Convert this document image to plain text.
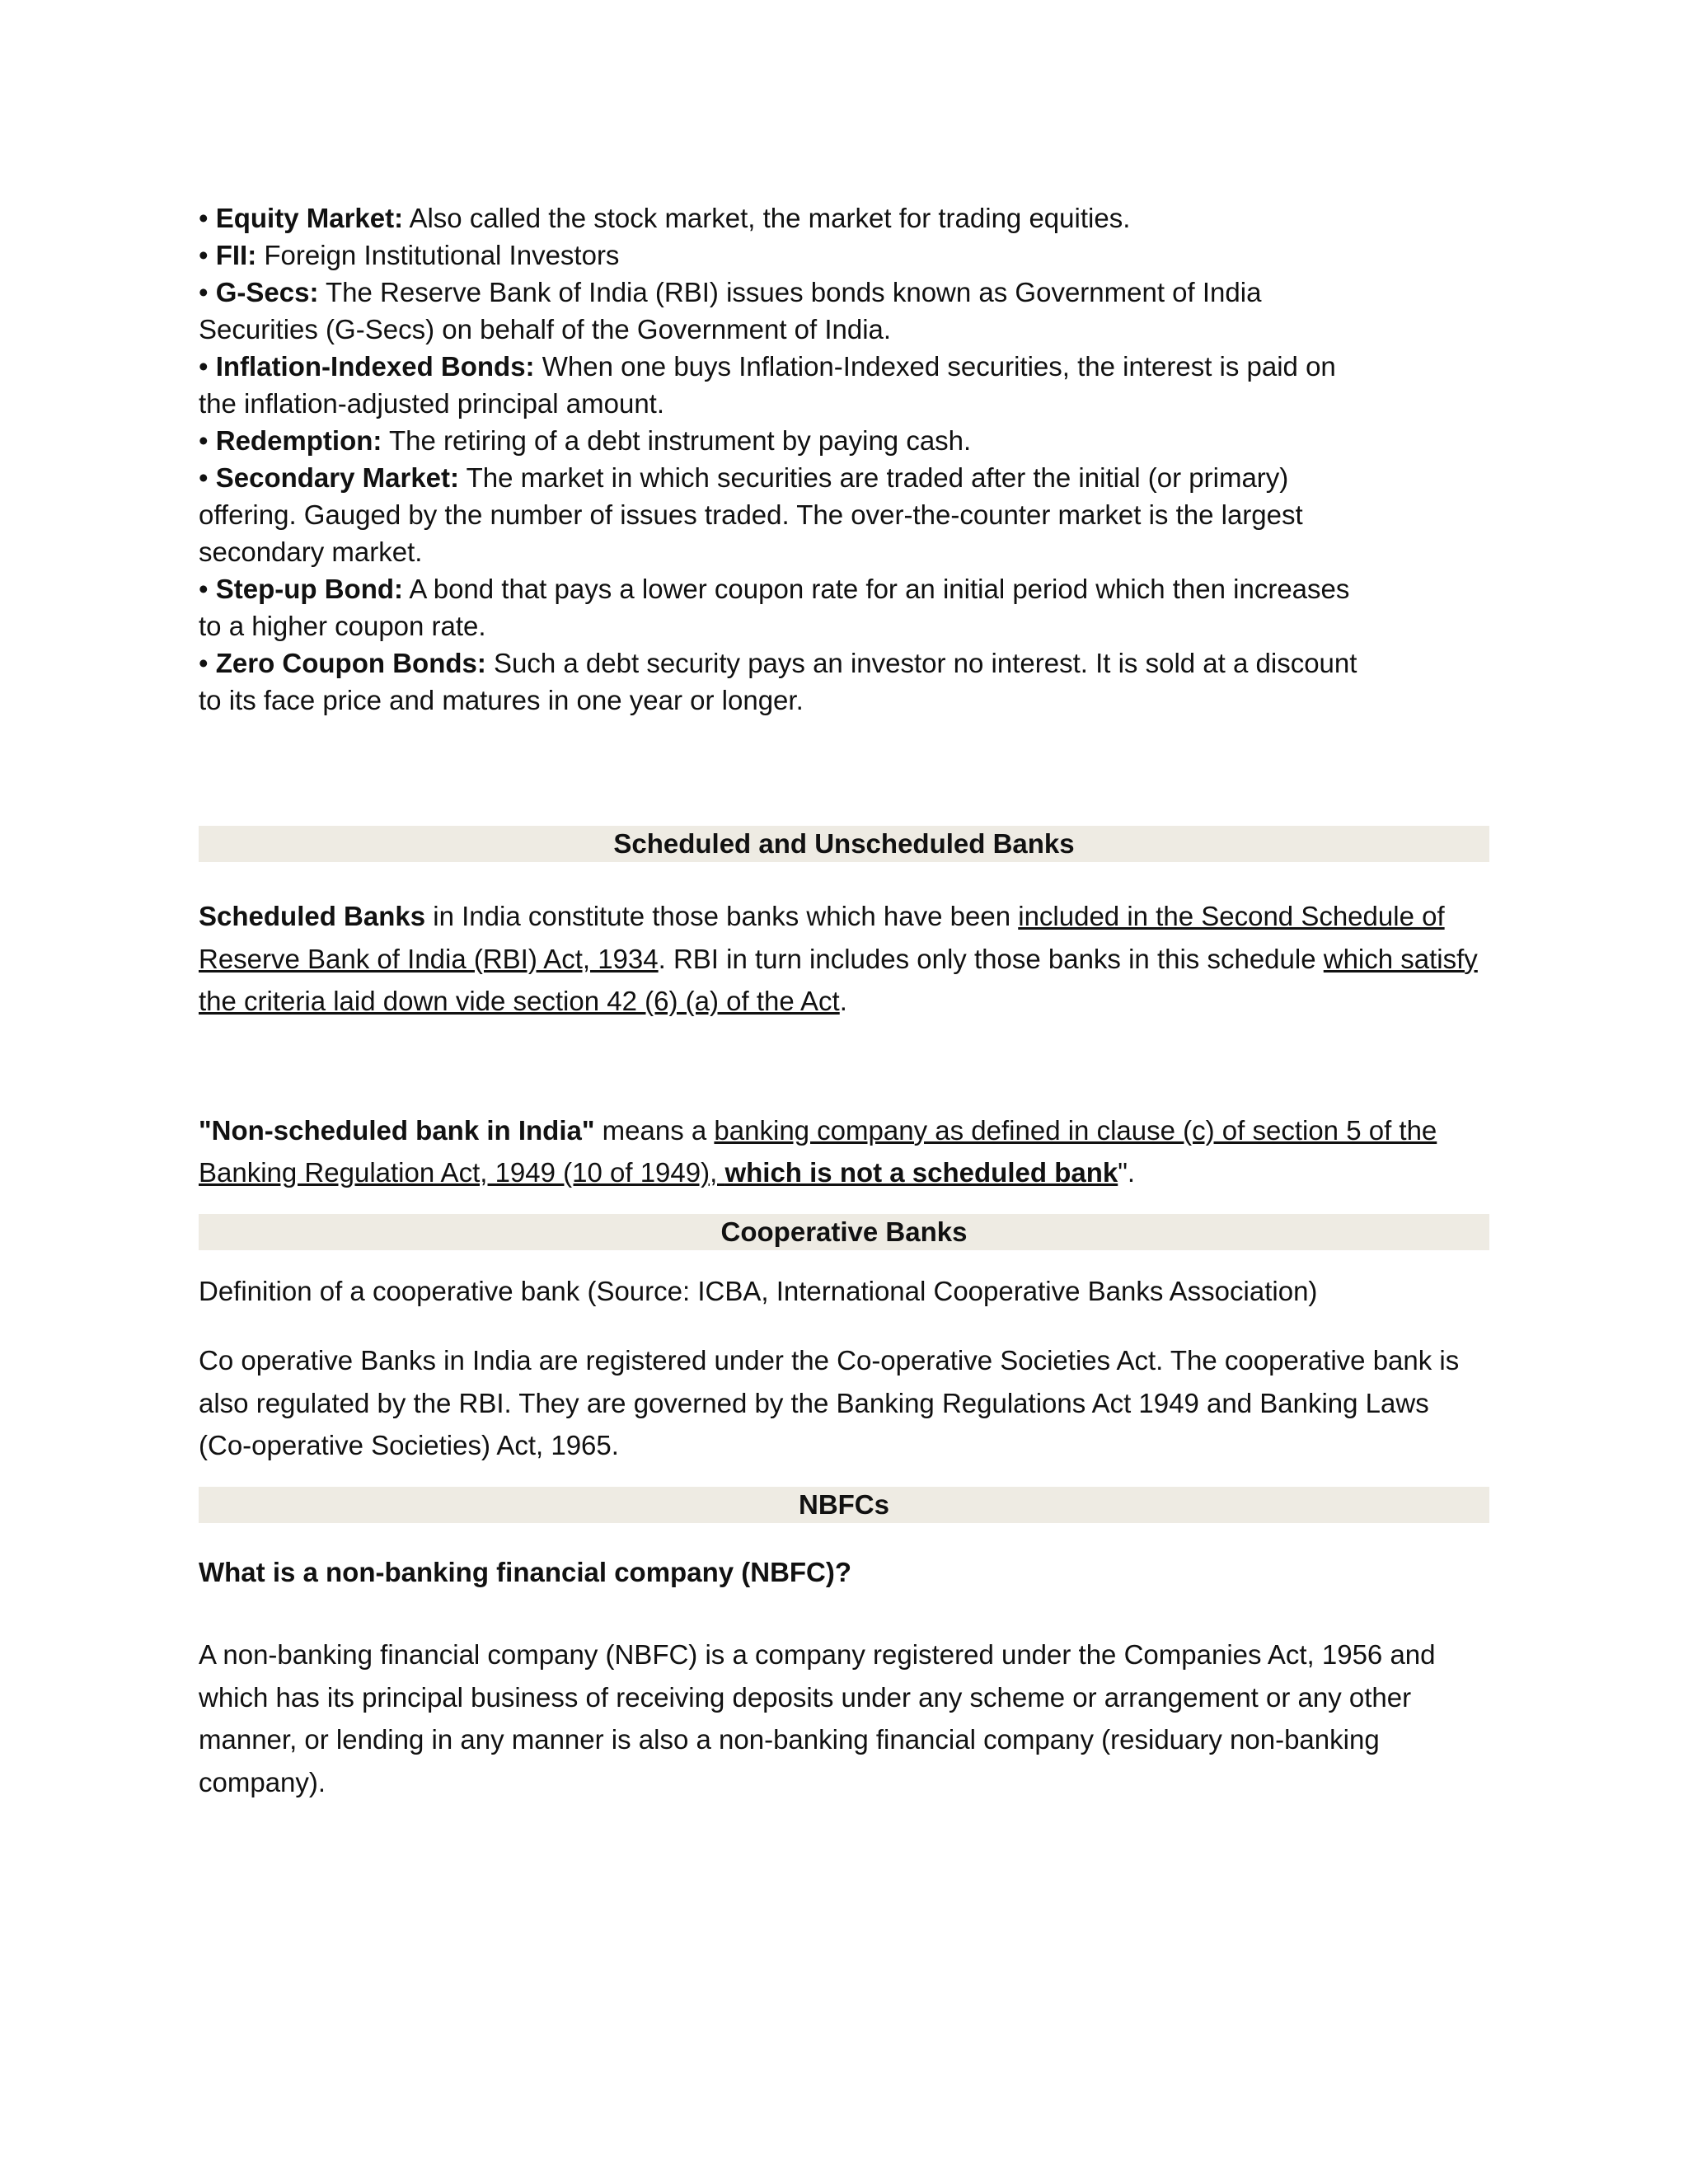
• Equity Market: Also called the stock market, the market for trading equities.

• FII: Foreign Institutional Investors

• G-Secs: The Reserve Bank of India (RBI) issues bonds known as Government of India Securities (G-Secs) on behalf of the Government of India.

• Inflation-Indexed Bonds: When one buys Inflation-Indexed securities, the interest is paid on the inflation-adjusted principal amount.

• Redemption: The retiring of a debt instrument by paying cash.

• Secondary Market: The market in which securities are traded after the initial (or primary) offering. Gauged by the number of issues traded. The over-the-counter market is the largest secondary market.

• Step-up Bond: A bond that pays a lower coupon rate for an initial period which then increases to a higher coupon rate.

• Zero Coupon Bonds: Such a debt security pays an investor no interest. It is sold at a discount to its face price and matures in one year or longer.

Scheduled and Unscheduled Banks

Scheduled Banks in India constitute those banks which have been included in the Second Schedule of Reserve Bank of India (RBI) Act, 1934. RBI in turn includes only those banks in this schedule which satisfy the criteria laid down vide section 42 (6) (a) of the Act.

"Non-scheduled bank in India" means a banking company as defined in clause (c) of section 5 of the Banking Regulation Act, 1949 (10 of 1949), which is not a scheduled bank".

Cooperative Banks

Definition of a cooperative bank (Source: ICBA, International Cooperative Banks Association)

Co operative Banks in India are registered under the Co-operative Societies Act. The cooperative bank is also regulated by the RBI. They are governed by the Banking Regulations Act 1949 and Banking Laws (Co-operative Societies) Act, 1965.

NBFCs

What is a non-banking financial company (NBFC)?

A non-banking financial company (NBFC) is a company registered under the Companies Act, 1956 and which has its principal business of receiving deposits under any scheme or arrangement or any other manner, or lending in any manner is also a non-banking financial company (residuary non-banking company).
